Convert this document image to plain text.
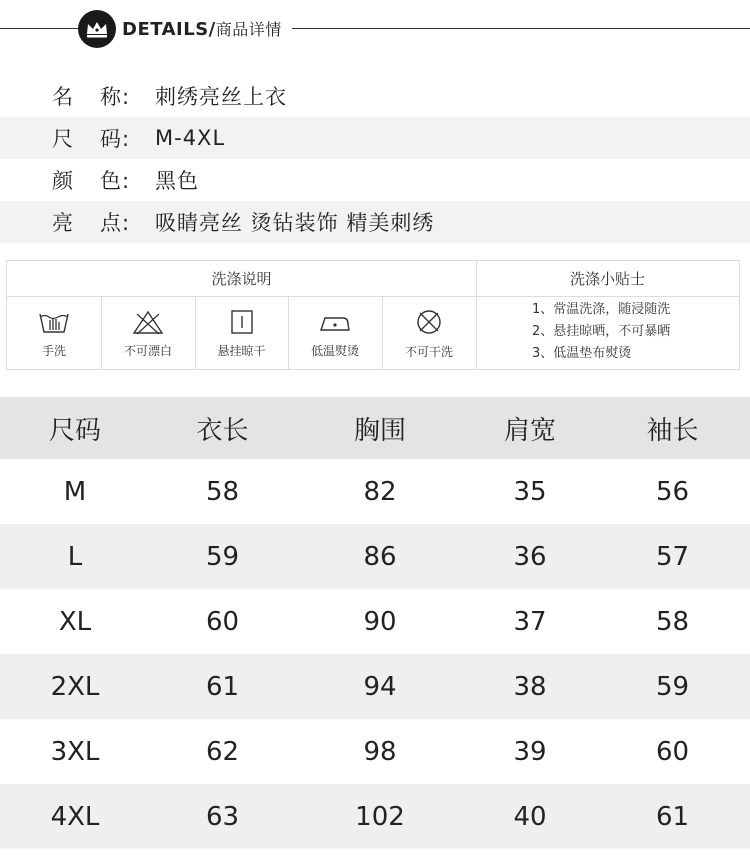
DETAILS/商品详情
名 称:	刺绣亮丝上衣
尺 码:	M-4XL
颜 色:	黑色
亮 点:	吸睛亮丝 烫钻装饰 精美刺绣
洗涤说明	洗涤小贴士
手洗	不可漂白	悬挂晾干	低温熨烫	不可干洗
1、常温洗涤，随浸随洗
2、悬挂晾晒，不可暴晒
3、低温垫布熨烫
尺码	衣长	胸围	肩宽	袖长
M	58	82	35	56
L	59	86	36	57
XL	60	90	37	58
2XL	61	94	38	59
3XL	62	98	39	60
4XL	63	102	40	61
